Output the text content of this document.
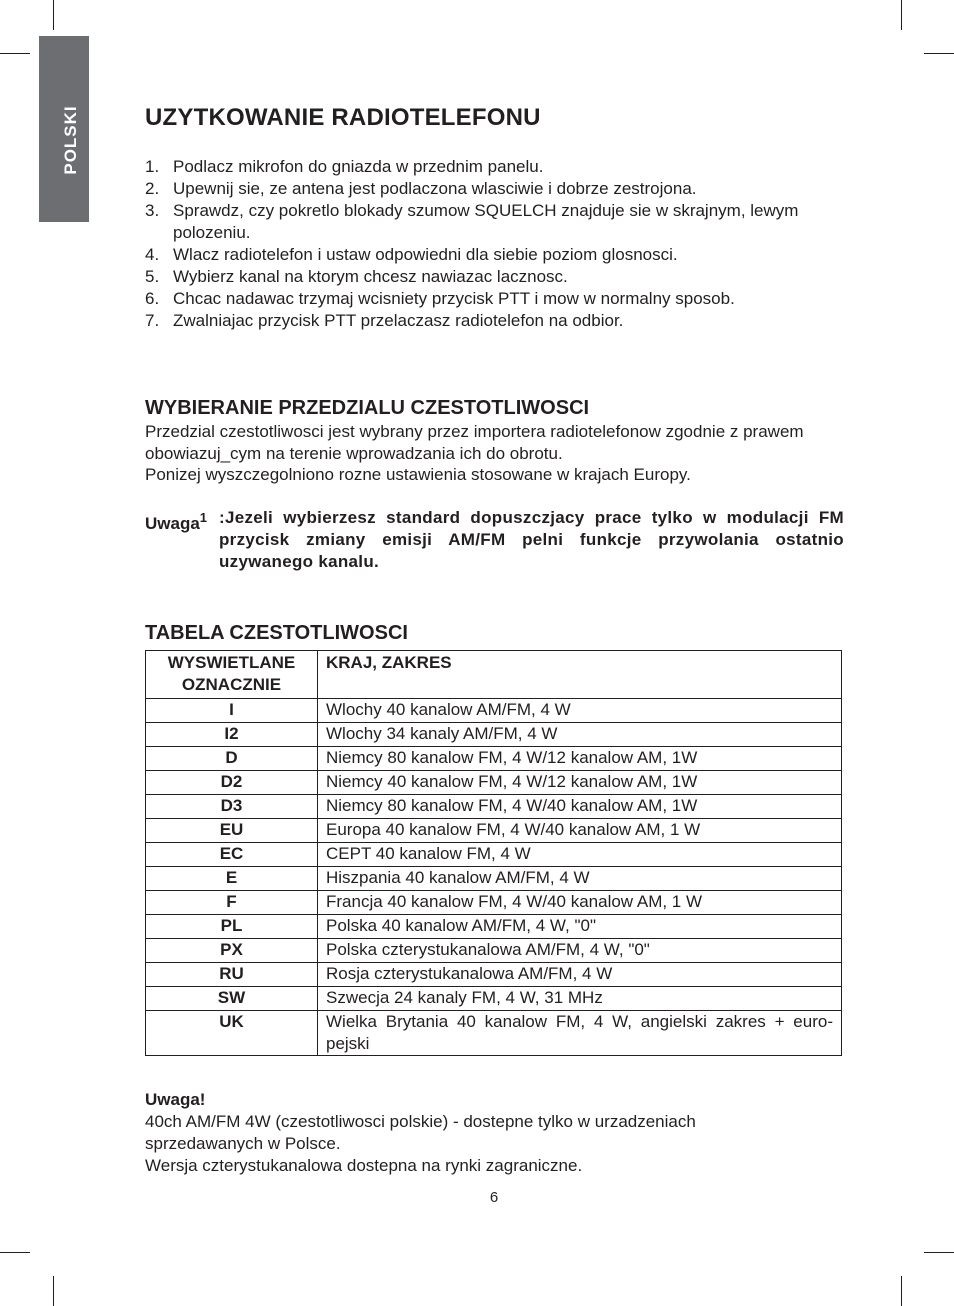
POLSKI	UZYTKOWANIE RADIOTELEFONU
1. Podlacz mikrofon do gniazda w przednim panelu.
2. Upewnij sie, ze antena jest podlaczona wlasciwie i dobrze zestrojona.
3. Sprawdz, czy pokretlo blokady szumow SQUELCH znajduje sie w skrajnym, lewym polozeniu.
4. Wlacz radiotelefon i ustaw odpowiedni dla siebie poziom glosnosci.
5. Wybierz kanal na ktorym chcesz nawiazac lacznosc.
6. Chcac nadawac trzymaj wcisniety przycisk PTT i mow w normalny sposob.
7. Zwalniajac przycisk PTT przelaczasz radiotelefon na odbior.
WYBIERANIE PRZEDZIALU CZESTOTLIWOSCI
Przedzial czestotliwosci jest wybrany przez importera radiotelefonow zgodnie z prawem obowiazuj_cym na terenie wprowadzania ich do obrotu.
Ponizej wyszczegolniono rozne ustawienia stosowane w krajach Europy.
Uwaga$^1$ :Jezeli wybierzesz standard dopuszczjacy prace tylko w modulacji FM przycisk zmiany emisji AM/FM pelni funkcje przywolania ostatnio uzywanego kanalu.
TABELA CZESTOTLIWOSCI
WYSWIETLANE OZNACZNIE	KRAJ, ZAKRES
I	Wlochy 40 kanalow AM/FM, 4 W
I2	Wlochy 34 kanaly AM/FM, 4 W
D	Niemcy 80 kanalow FM, 4 W/12 kanalow AM, 1W
D2	Niemcy 40 kanalow FM, 4 W/12 kanalow AM, 1W
D3	Niemcy 80 kanalow FM, 4 W/40 kanalow AM, 1W
EU	Europa 40 kanalow FM, 4 W/40 kanalow AM, 1 W
EC	CEPT 40 kanalow FM, 4 W
E	Hiszpania 40 kanalow AM/FM, 4 W
F	Francja 40 kanalow FM, 4 W/40 kanalow AM, 1 W
PL	Polska 40 kanalow AM/FM, 4 W, "0"
PX	Polska czterystukanalowa AM/FM, 4 W, "0"
RU	Rosja czterystukanalowa AM/FM, 4 W
SW	Szwecja 24 kanaly FM, 4 W, 31 MHz
UK	Wielka Brytania 40 kanalow FM, 4 W, angielski zakres + euro-pejski
Uwaga!
40ch AM/FM 4W (czestotliwosci polskie) - dostepne tylko w urzadzeniach sprzedawanych w Polsce.
Wersja czterystukanalowa dostepna na rynki zagraniczne.
6
